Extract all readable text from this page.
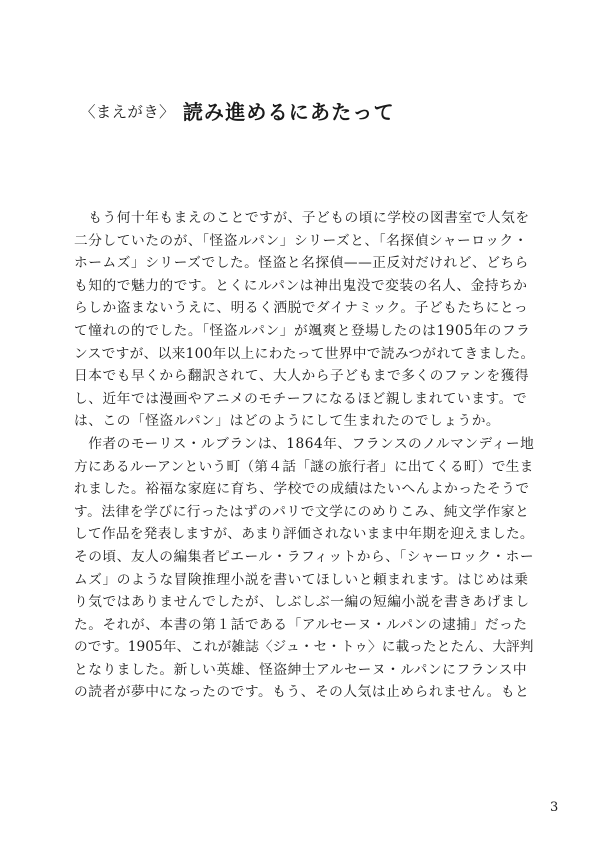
〈まえがき〉 読み進めるにあたって
　もう何十年もまえのことですが、子どもの頃に学校の図書室で人気を
二分していたのが、「怪盗ルパン」シリーズと、「名探偵シャーロック・
ホームズ」シリーズでした。怪盗と名探偵——正反対だけれど、どちら
も知的で魅力的です。とくにルパンは神出鬼没で変装の名人、金持ちか
らしか盗まないうえに、明るく洒脱でダイナミック。子どもたちにとっ
て憧れの的でした。「怪盗ルパン」が颯爽と登場したのは1905年のフラ
ンスですが、以来100年以上にわたって世界中で読みつがれてきました。
日本でも早くから翻訳されて、大人から子どもまで多くのファンを獲得
し、近年では漫画やアニメのモチーフになるほど親しまれています。で
は、この「怪盗ルパン」はどのようにして生まれたのでしょうか。
　作者のモーリス・ルブランは、1864年、フランスのノルマンディー地
方にあるルーアンという町（第４話「謎の旅行者」に出てくる町）で生ま
れました。裕福な家庭に育ち、学校での成績はたいへんよかったそうで
す。法律を学びに行ったはずのパリで文学にのめりこみ、純文学作家と
して作品を発表しますが、あまり評価されないまま中年期を迎えました。
その頃、友人の編集者ピエール・ラフィットから、「シャーロック・ホー
ムズ」のような冒険推理小説を書いてほしいと頼まれます。はじめは乗
り気ではありませんでしたが、しぶしぶ一編の短編小説を書きあげまし
た。それが、本書の第１話である「アルセーヌ・ルパンの逮捕」だった
のです。1905年、これが雑誌〈ジュ・セ・トゥ〉に載ったとたん、大評判
となりました。新しい英雄、怪盗紳士アルセーヌ・ルパンにフランス中
の読者が夢中になったのです。もう、その人気は止められません。もと
3
